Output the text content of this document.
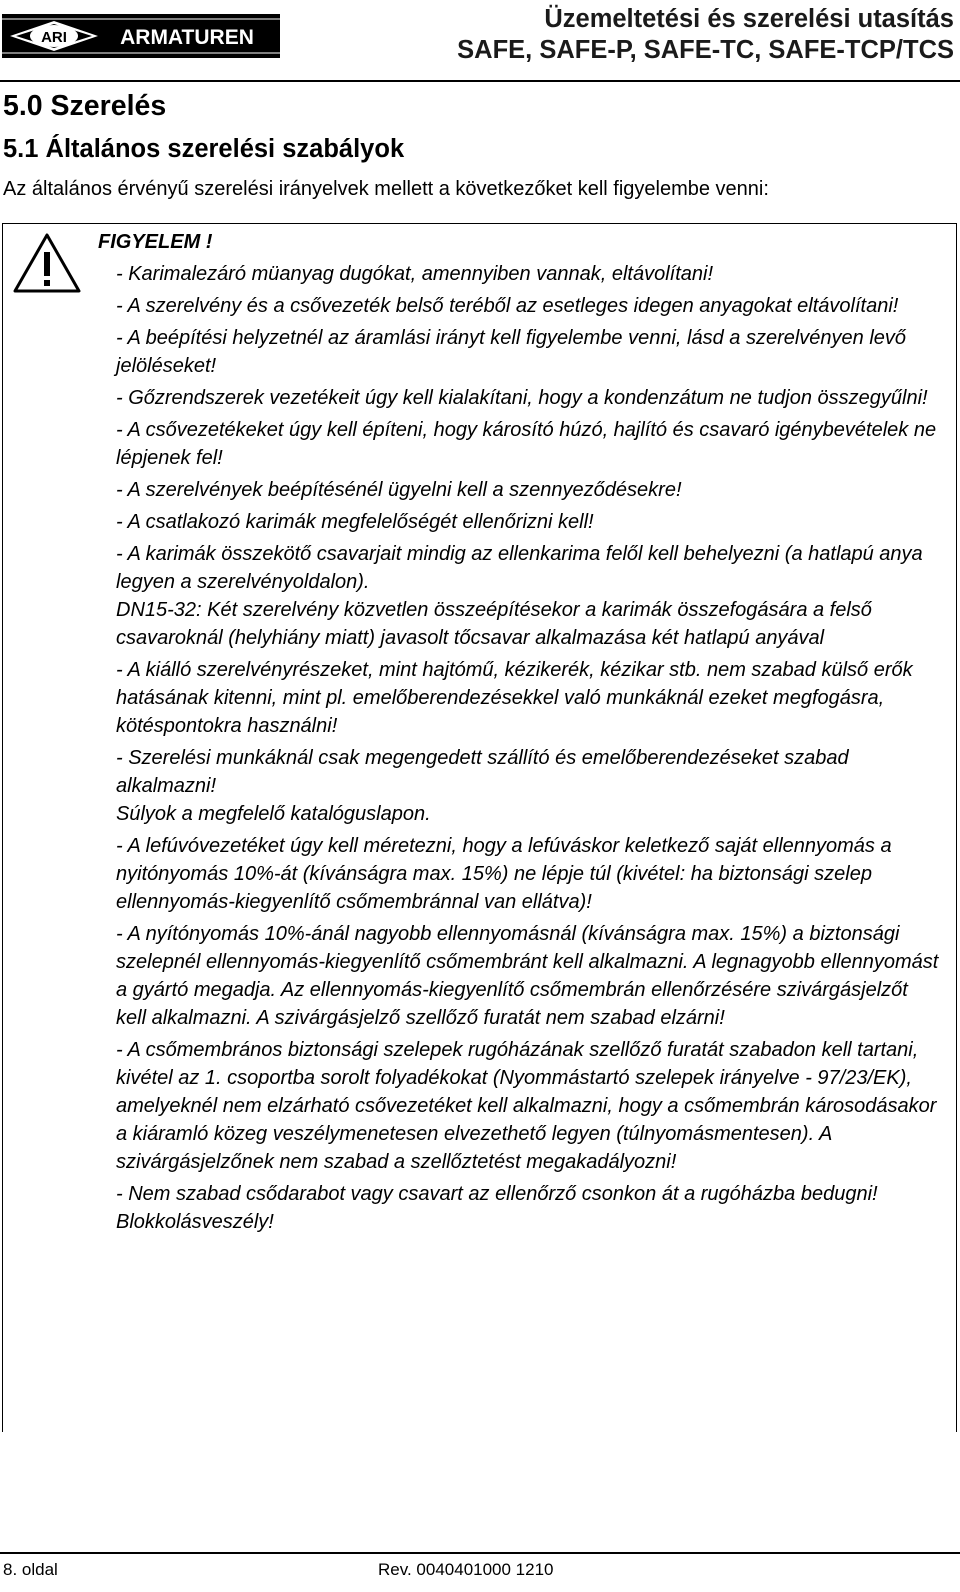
ARI	ARMATUREN
Üzemeltetési és szerelési utasítás
SAFE, SAFE-P, SAFE-TC, SAFE-TCP/TCS
5.0 Szerelés
5.1 Általános szerelési szabályok

Az általános érvényű szerelési irányelvek mellett a következőket kell figyelembe venni:

FIGYELEM !

- Karimalezáró müanyag dugókat, amennyiben vannak, eltávolítani!
- A szerelvény és a csővezeték belső teréből az esetleges idegen anyagokat eltávolítani!
- A beépítési helyzetnél az áramlási irányt kell figyelembe venni, lásd a szerelvényen levő jelöléseket!
- Gőzrendszerek vezetékeit úgy kell kialakítani, hogy a kondenzátum ne tudjon összegyűlni!
- A csővezetékeket úgy kell építeni, hogy károsító húzó, hajlító és csavaró igénybevételek ne lépjenek fel!
- A szerelvények beépítésénél ügyelni kell a szennyeződésekre!
- A csatlakozó karimák megfelelőségét ellenőrizni kell!
- A karimák összekötő csavarjait mindig az ellenkarima felől kell behelyezni (a hatlapú anya legyen a szerelvényoldalon).
DN15-32: Két szerelvény közvetlen összeépítésekor a karimák összefogására a felső csavaroknál (helyhiány miatt) javasolt tőcsavar alkalmazása két hatlapú anyával
- A kiálló szerelvényrészeket, mint hajtómű, kézikerék, kézikar stb. nem szabad külső erők hatásának kitenni, mint pl. emelőberendezésekkel való munkáknál ezeket megfogásra, kötéspontokra használni!
- Szerelési munkáknál csak megengedett szállító és emelőberendezéseket szabad alkalmazni!
Súlyok a megfelelő katalóguslapon.
- A lefúvóvezetéket úgy kell méretezni, hogy a lefúváskor keletkező saját ellennyomás a nyitónyomás 10%-át (kívánságra max. 15%) ne lépje túl (kivétel: ha biztonsági szelep ellennyomás-kiegyenlítő csőmembránnal van ellátva)!
- A nyítónyomás 10%-ánál nagyobb ellennyomásnál (kívánságra max. 15%) a biztonsági szelepnél ellennyomás-kiegyenlítő csőmembránt kell alkalmazni. A legnagyobb ellennyomást a gyártó megadja. Az ellennyomás-kiegyenlítő csőmembrán ellenőrzésére szivárgásjelzőt kell alkalmazni. A szivárgásjelző szellőző furatát nem szabad elzárni!
- A csőmembrános biztonsági szelepek rugóházának szellőző furatát szabadon kell tartani, kivétel az 1. csoportba sorolt folyadékokat (Nyommástartó szelepek irányelve - 97/23/EK), amelyeknél nem elzárható csővezetéket kell alkalmazni, hogy a csőmembrán károsodásakor a kiáramló közeg veszélymenetesen elvezethető legyen (túlnyomásmentesen). A szivárgásjelzőnek nem szabad a szellőztetést megakadályozni!
- Nem szabad csődarabot vagy csavart az ellenőrző csonkon át a rugóházba bedugni! Blokkolásveszély!
8. oldal	Rev. 0040401000 1210
